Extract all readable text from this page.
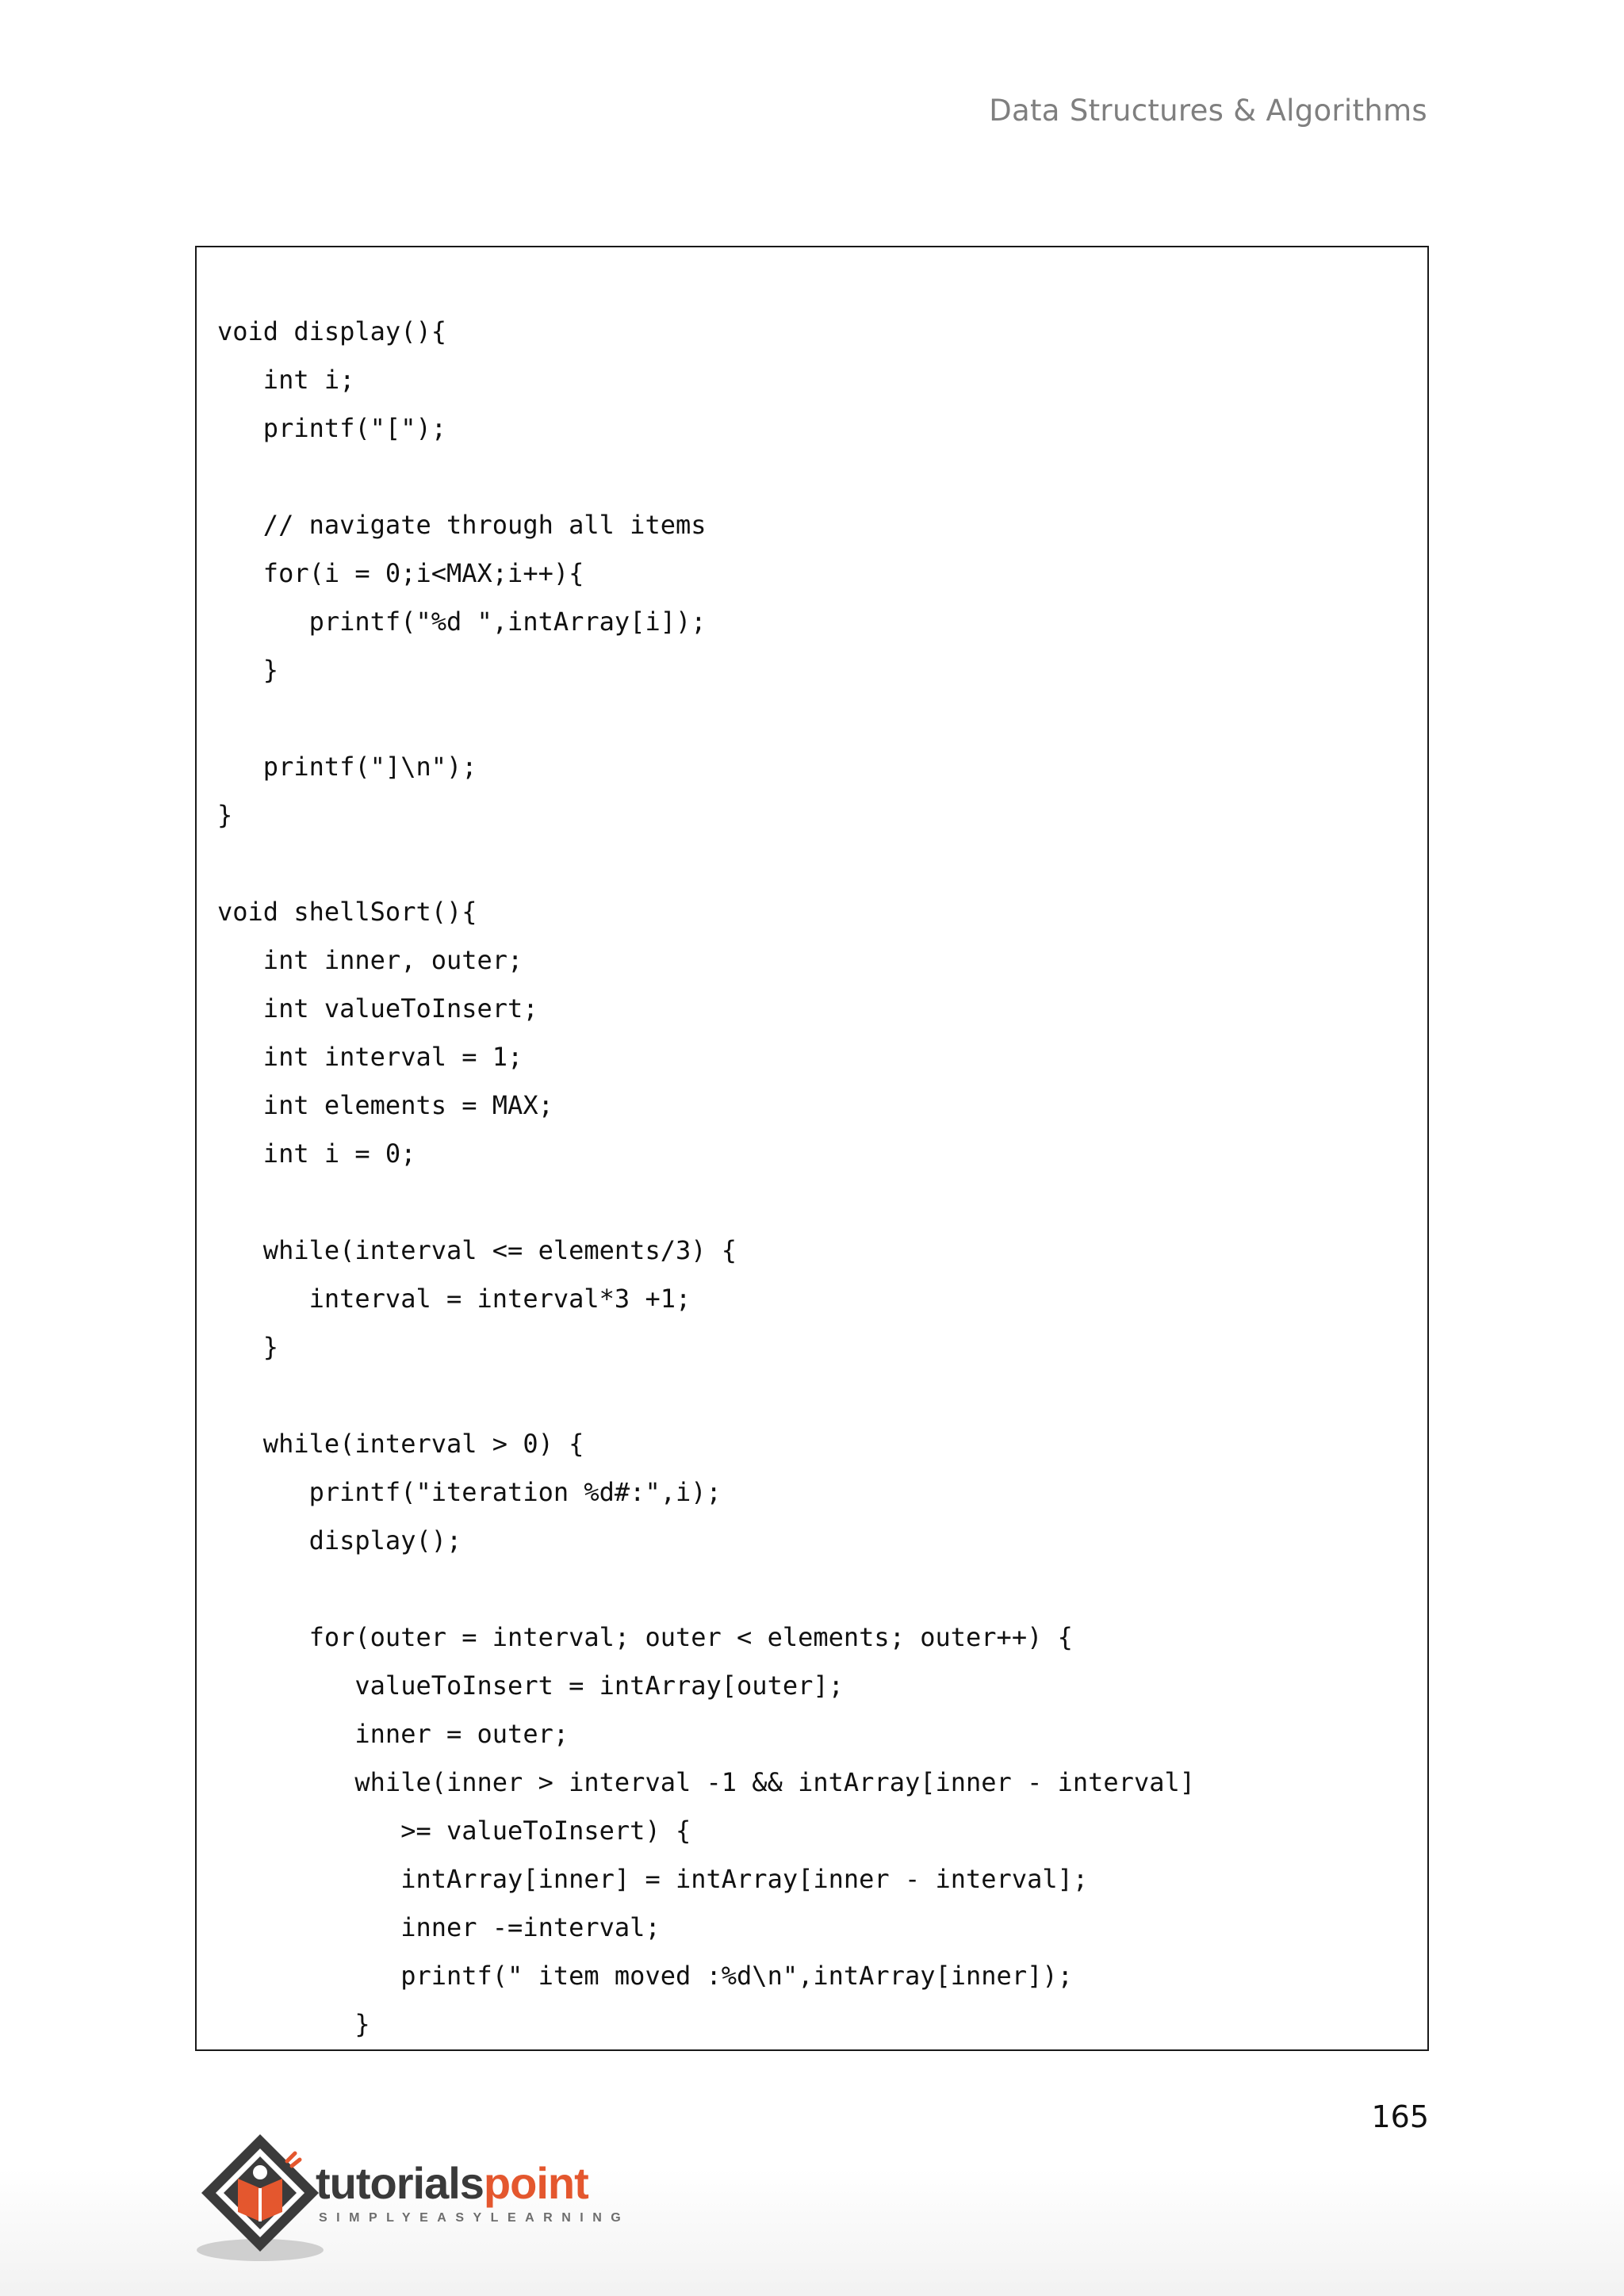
Data Structures & Algorithms
void display(){
int i;
printf("[");
// navigate through all items
for(i = 0;i<MAX;i++){
printf("%d ",intArray[i]);
}
printf("]\n");
}
void shellSort(){
int inner, outer;
int valueToInsert;
int interval = 1;
int elements = MAX;
int i = 0;
while(interval <= elements/3) {
interval = interval*3 +1;
}
while(interval > 0) {
printf("iteration %d#:",i);
display();
for(outer = interval; outer < elements; outer++) {
valueToInsert = intArray[outer];
inner = outer;
while(inner > interval -1 && intArray[inner - interval]
>= valueToInsert) {
intArray[inner] = intArray[inner - interval];
inner -=interval;
printf(" item moved :%d\n",intArray[inner]);
}
165
tutorialspoint
SIMPLYEASYLEARNING
